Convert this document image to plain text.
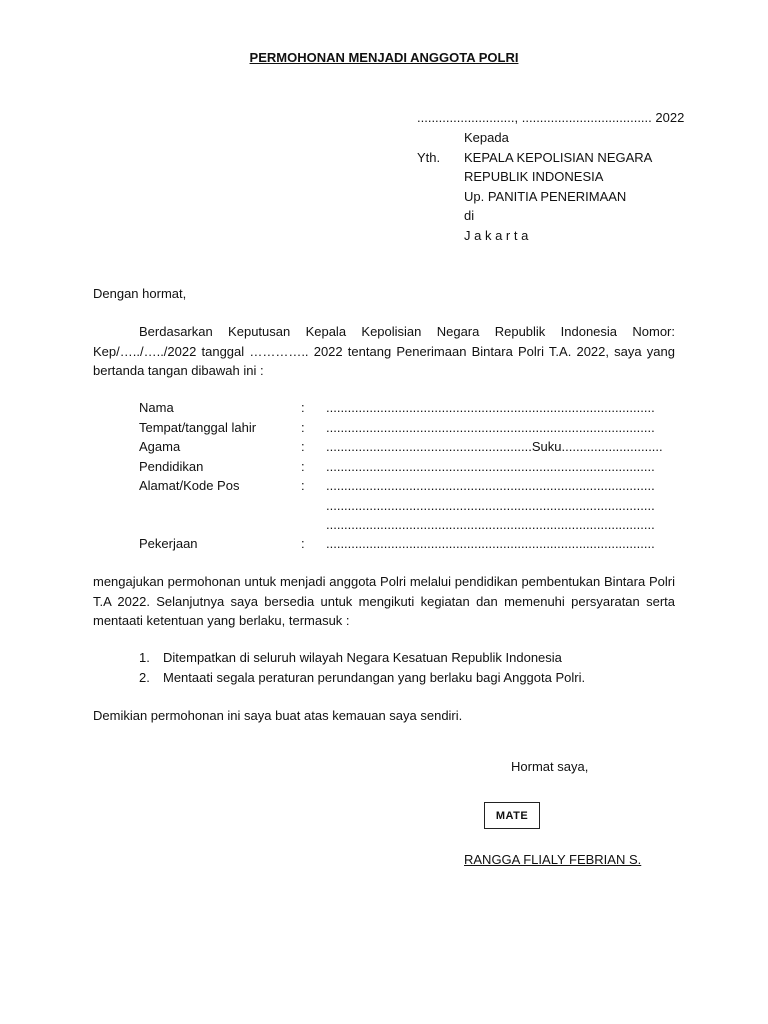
PERMOHONAN MENJADI ANGGOTA POLRI
..........................., .................................... 2022
Kepada
Yth. KEPALA KEPOLISIAN NEGARA
REPUBLIK INDONESIA
Up. PANITIA PENERIMAAN
di
J a k a r t a
Dengan hormat,
Berdasarkan Keputusan Kepala Kepolisian Negara Republik Indonesia Nomor: Kep/…../…../2022 tanggal ………….. 2022 tentang Penerimaan Bintara Polri T.A. 2022, saya yang bertanda tangan dibawah ini :
Nama	: ...........................................................................................
Tempat/tanggal lahir	: ...........................................................................................
Agama	: .........................................................Suku............................
Pendidikan	: ...........................................................................................
Alamat/Kode Pos	: ...........................................................................................
...........................................................................................
...........................................................................................
Pekerjaan	: ...........................................................................................
mengajukan permohonan untuk menjadi anggota Polri melalui pendidikan pembentukan Bintara Polri T.A 2022. Selanjutnya saya bersedia untuk mengikuti kegiatan dan memenuhi persyaratan serta mentaati ketentuan yang berlaku, termasuk :
1. Ditempatkan di seluruh wilayah Negara Kesatuan Republik Indonesia
2. Mentaati segala peraturan perundangan yang berlaku bagi Anggota Polri.
Demikian permohonan ini saya buat atas kemauan saya sendiri.
Hormat saya,
MATE
RANGGA FLIALY FEBRIAN S.
